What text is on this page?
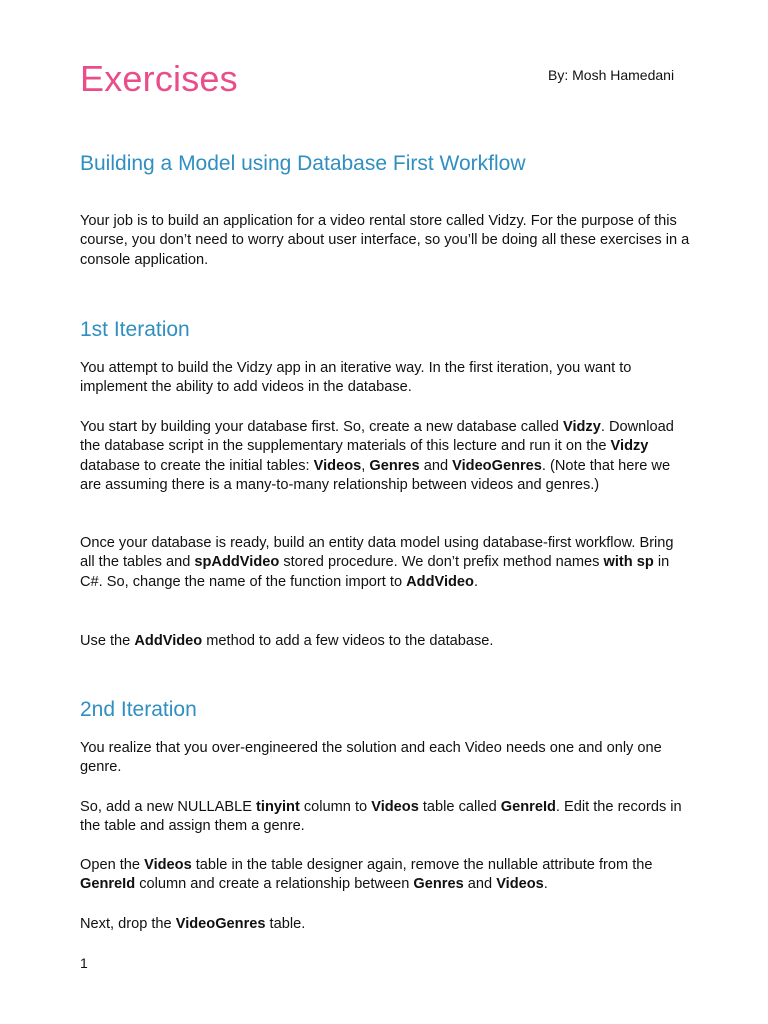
Exercises	By: Mosh Hamedani
Building a Model using Database First Workflow

Your job is to build an application for a video rental store called Vidzy. For the purpose of this course, you don’t need to worry about user interface, so you’ll be doing all these exercises in a console application.

1st Iteration

You attempt to build the Vidzy app in an iterative way. In the first iteration, you want to implement the ability to add videos in the database.

You start by building your database first. So, create a new database called Vidzy. Download the database script in the supplementary materials of this lecture and run it on the Vidzy database to create the initial tables: Videos, Genres and VideoGenres. (Note that here we are assuming there is a many-to-many relationship between videos and genres.)

Once your database is ready, build an entity data model using database-first workflow. Bring all the tables and spAddVideo stored procedure. We don’t prefix method names with sp in C#. So, change the name of the function import to AddVideo.

Use the AddVideo method to add a few videos to the database.

2nd Iteration

You realize that you over-engineered the solution and each Video needs one and only one genre.

So, add a new NULLABLE tinyint column to Videos table called GenreId. Edit the records in the table and assign them a genre.

Open the Videos table in the table designer again, remove the nullable attribute from the GenreId column and create a relationship between Genres and Videos.

Next, drop the VideoGenres table.

1
